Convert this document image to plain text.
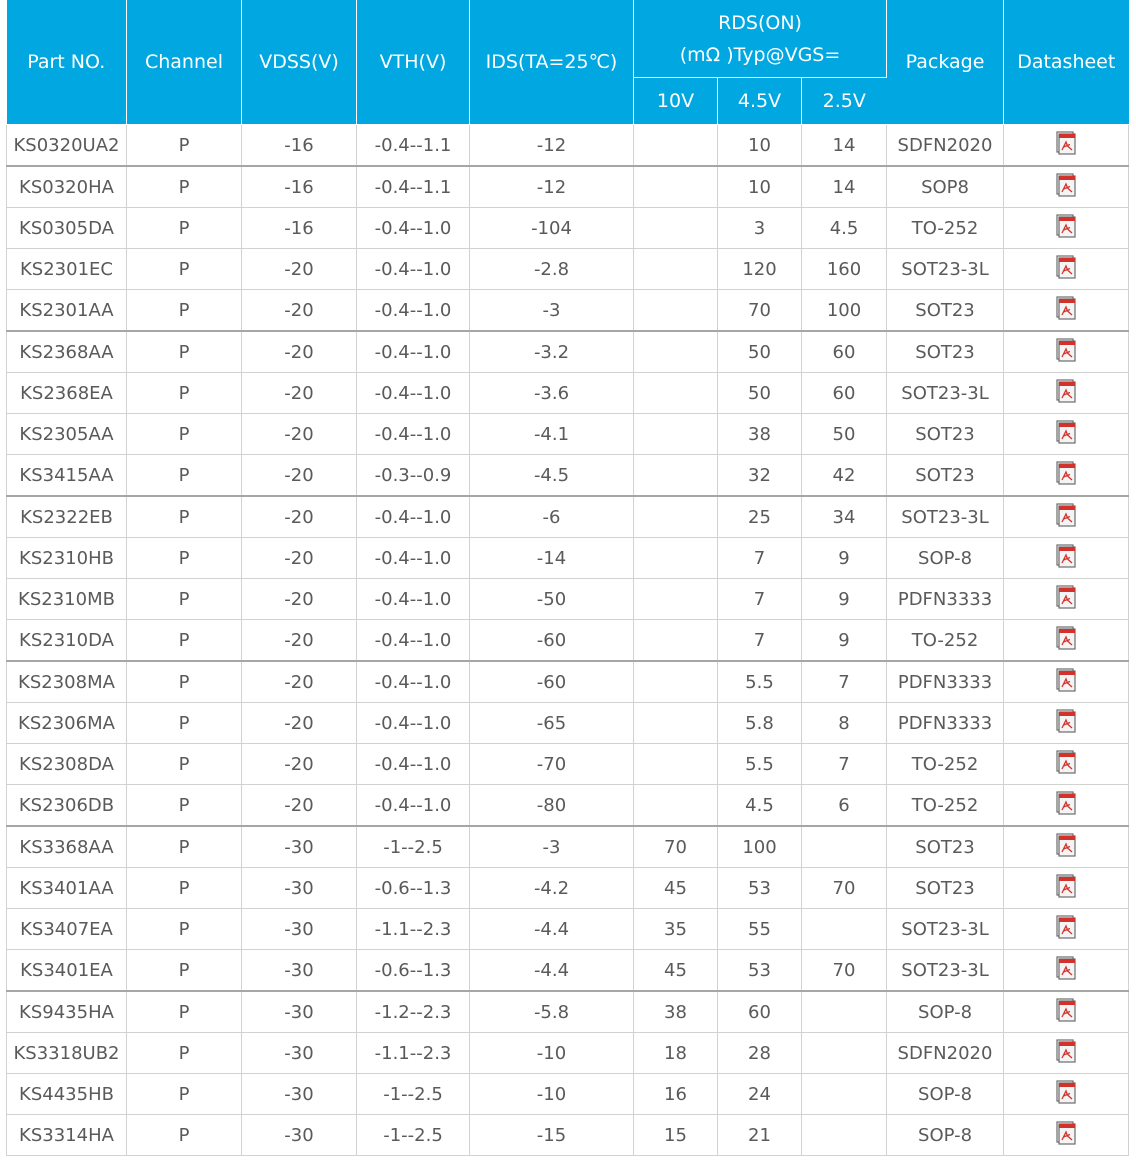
Part NO.	Channel	VDSS(V)	VTH(V)	IDS(TA=25℃)	RDS(ON)
(mΩ )Typ@VGS=			Package	Datasheet
					10V	4.5V	2.5V		
KS0320UA2	P	-16	-0.4--1.1	-12		10	14	SDFN2020	
KS0320HA	P	-16	-0.4--1.1	-12		10	14	SOP8	
KS0305DA	P	-16	-0.4--1.0	-104		3	4.5	TO-252	
KS2301EC	P	-20	-0.4--1.0	-2.8		120	160	SOT23-3L	
KS2301AA	P	-20	-0.4--1.0	-3		70	100	SOT23	
KS2368AA	P	-20	-0.4--1.0	-3.2		50	60	SOT23	
KS2368EA	P	-20	-0.4--1.0	-3.6		50	60	SOT23-3L	
KS2305AA	P	-20	-0.4--1.0	-4.1		38	50	SOT23	
KS3415AA	P	-20	-0.3--0.9	-4.5		32	42	SOT23	
KS2322EB	P	-20	-0.4--1.0	-6		25	34	SOT23-3L	
KS2310HB	P	-20	-0.4--1.0	-14		7	9	SOP-8	
KS2310MB	P	-20	-0.4--1.0	-50		7	9	PDFN3333	
KS2310DA	P	-20	-0.4--1.0	-60		7	9	TO-252	
KS2308MA	P	-20	-0.4--1.0	-60		5.5	7	PDFN3333	
KS2306MA	P	-20	-0.4--1.0	-65		5.8	8	PDFN3333	
KS2308DA	P	-20	-0.4--1.0	-70		5.5	7	TO-252	
KS2306DB	P	-20	-0.4--1.0	-80		4.5	6	TO-252	
KS3368AA	P	-30	-1--2.5	-3	70	100		SOT23	
KS3401AA	P	-30	-0.6--1.3	-4.2	45	53	70	SOT23	
KS3407EA	P	-30	-1.1--2.3	-4.4	35	55		SOT23-3L	
KS3401EA	P	-30	-0.6--1.3	-4.4	45	53	70	SOT23-3L	
KS9435HA	P	-30	-1.2--2.3	-5.8	38	60		SOP-8	
KS3318UB2	P	-30	-1.1--2.3	-10	18	28		SDFN2020	
KS4435HB	P	-30	-1--2.5	-10	16	24		SOP-8	
KS3314HA	P	-30	-1--2.5	-15	15	21		SOP-8	
